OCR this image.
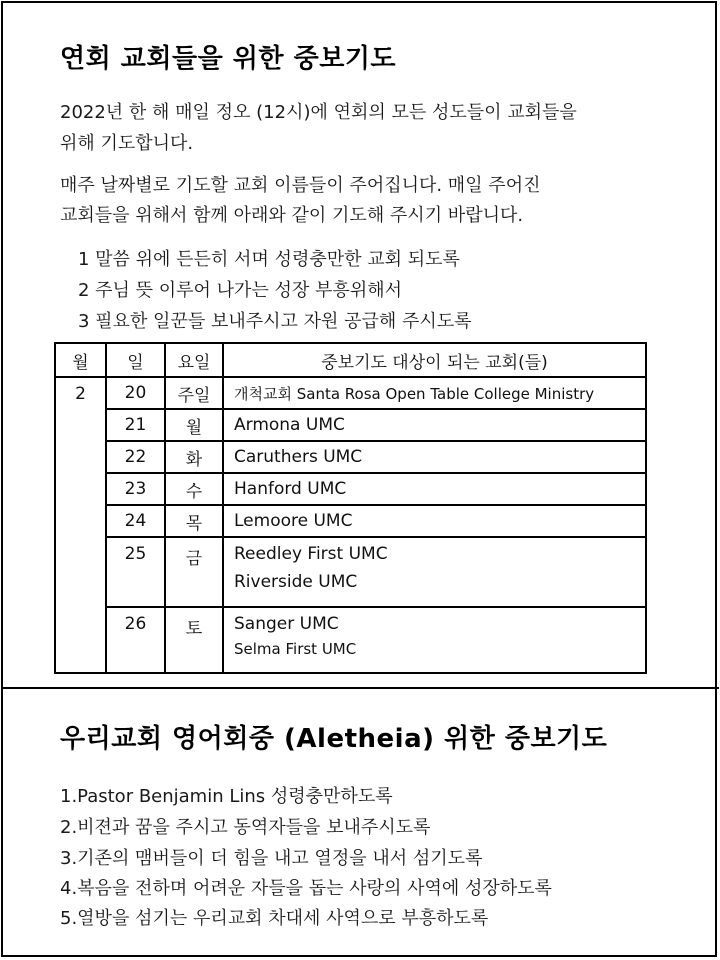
연회 교회들을 위한 중보기도
2022년 한 해 매일 정오 (12시)에 연회의 모든 성도들이 교회들을
위해 기도합니다.
매주 날짜별로 기도할 교회 이름들이 주어집니다. 매일 주어진
교회들을 위해서 함께 아래와 같이 기도해 주시기 바랍니다.
1 말씀 위에 든든히 서며 성령충만한 교회 되도록
2 주님 뜻 이루어 나가는 성장 부흥위해서
3 필요한 일꾼들 보내주시고 자원 공급해 주시도록
월	일	요일	중보기도 대상이 되는 교회(들)
2	20	주일	개척교회 Santa Rosa Open Table College Ministry
	21	월	Armona UMC
	22	화	Caruthers UMC
	23	수	Hanford UMC
	24	목	Lemoore UMC
	25	금	Reedley First UMC
Riverside UMC

	26	토	Sanger UMC
Selma First UMC
우리교회 영어회중 (Aletheia) 위한 중보기도
1.Pastor Benjamin Lins 성령충만하도록
2.비젼과 꿈을 주시고 동역자들을 보내주시도록
3.기존의 맴버들이 더 힘을 내고 열정을 내서 섬기도록
4.복음을 전하며 어려운 자들을 돕는 사랑의 사역에 성장하도록
5.열방을 섬기는 우리교회 차대세 사역으로 부흥하도록
